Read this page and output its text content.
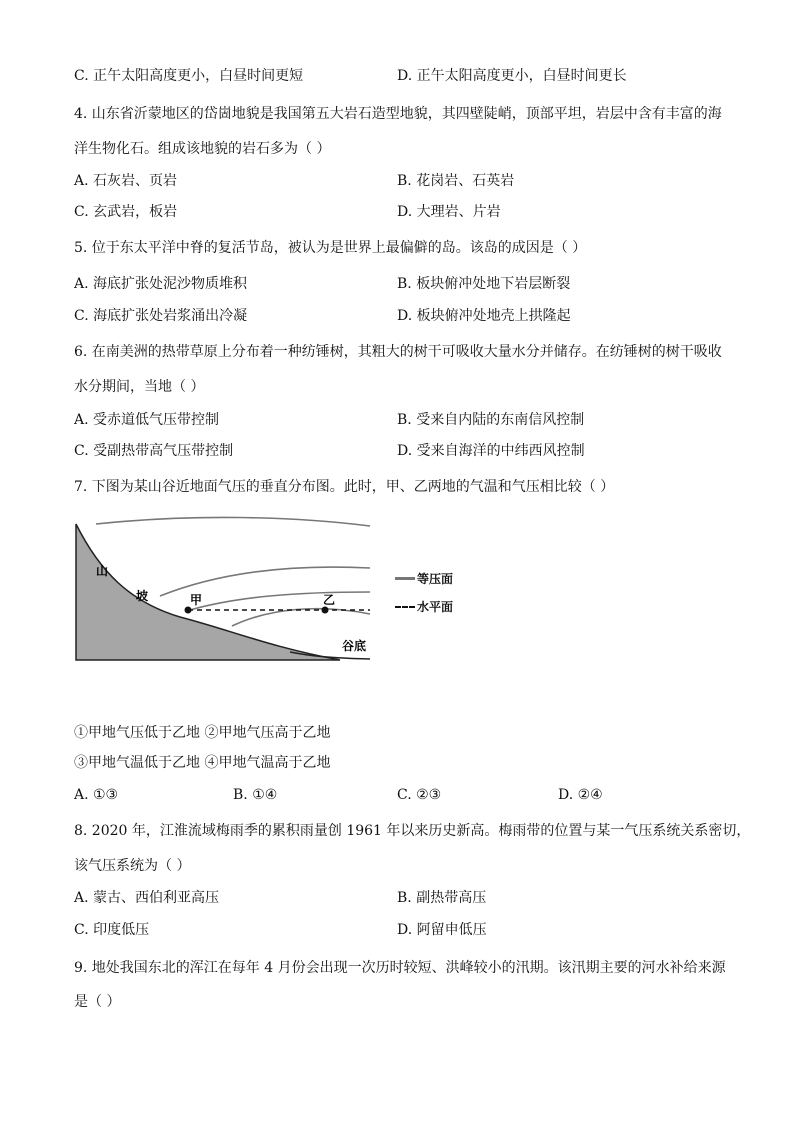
C. 正午太阳高度更小，白昼时间更短	D. 正午太阳高度更小，白昼时间更长
4. 山东省沂蒙地区的岱崮地貌是我国第五大岩石造型地貌，其四壁陡峭，顶部平坦，岩层中含有丰富的海
洋生物化石。组成该地貌的岩石多为（ ）
A. 石灰岩、页岩	B. 花岗岩、石英岩
C. 玄武岩，板岩	D. 大理岩、片岩
5. 位于东太平洋中脊的复活节岛，被认为是世界上最偏僻的岛。该岛的成因是（ ）
A. 海底扩张处泥沙物质堆积	B. 板块俯冲处地下岩层断裂
C. 海底扩张处岩浆涌出冷凝	D. 板块俯冲处地壳上拱隆起
6. 在南美洲的热带草原上分布着一种纺锤树，其粗大的树干可吸收大量水分并储存。在纺锤树的树干吸收
水分期间，当地（ ）
A. 受赤道低气压带控制	B. 受来自内陆的东南信风控制
C. 受副热带高气压带控制	D. 受来自海洋的中纬西风控制
7. 下图为某山谷近地面气压的垂直分布图。此时，甲、乙两地的气温和气压相比较（ ）
山
坡	甲	乙
谷底
等压面
水平面
①甲地气压低于乙地 ②甲地气压高于乙地
③甲地气温低于乙地 ④甲地气温高于乙地
A. ①③	B. ①④	C. ②③	D. ②④
8. 2020 年，江淮流域梅雨季的累积雨量创 1961 年以来历史新高。梅雨带的位置与某一气压系统关系密切，
该气压系统为（ ）
A. 蒙古、西伯利亚高压	B. 副热带高压
C. 印度低压	D. 阿留申低压
9. 地处我国东北的浑江在每年 4 月份会出现一次历时较短、洪峰较小的汛期。该汛期主要的河水补给来源
是（ ）
